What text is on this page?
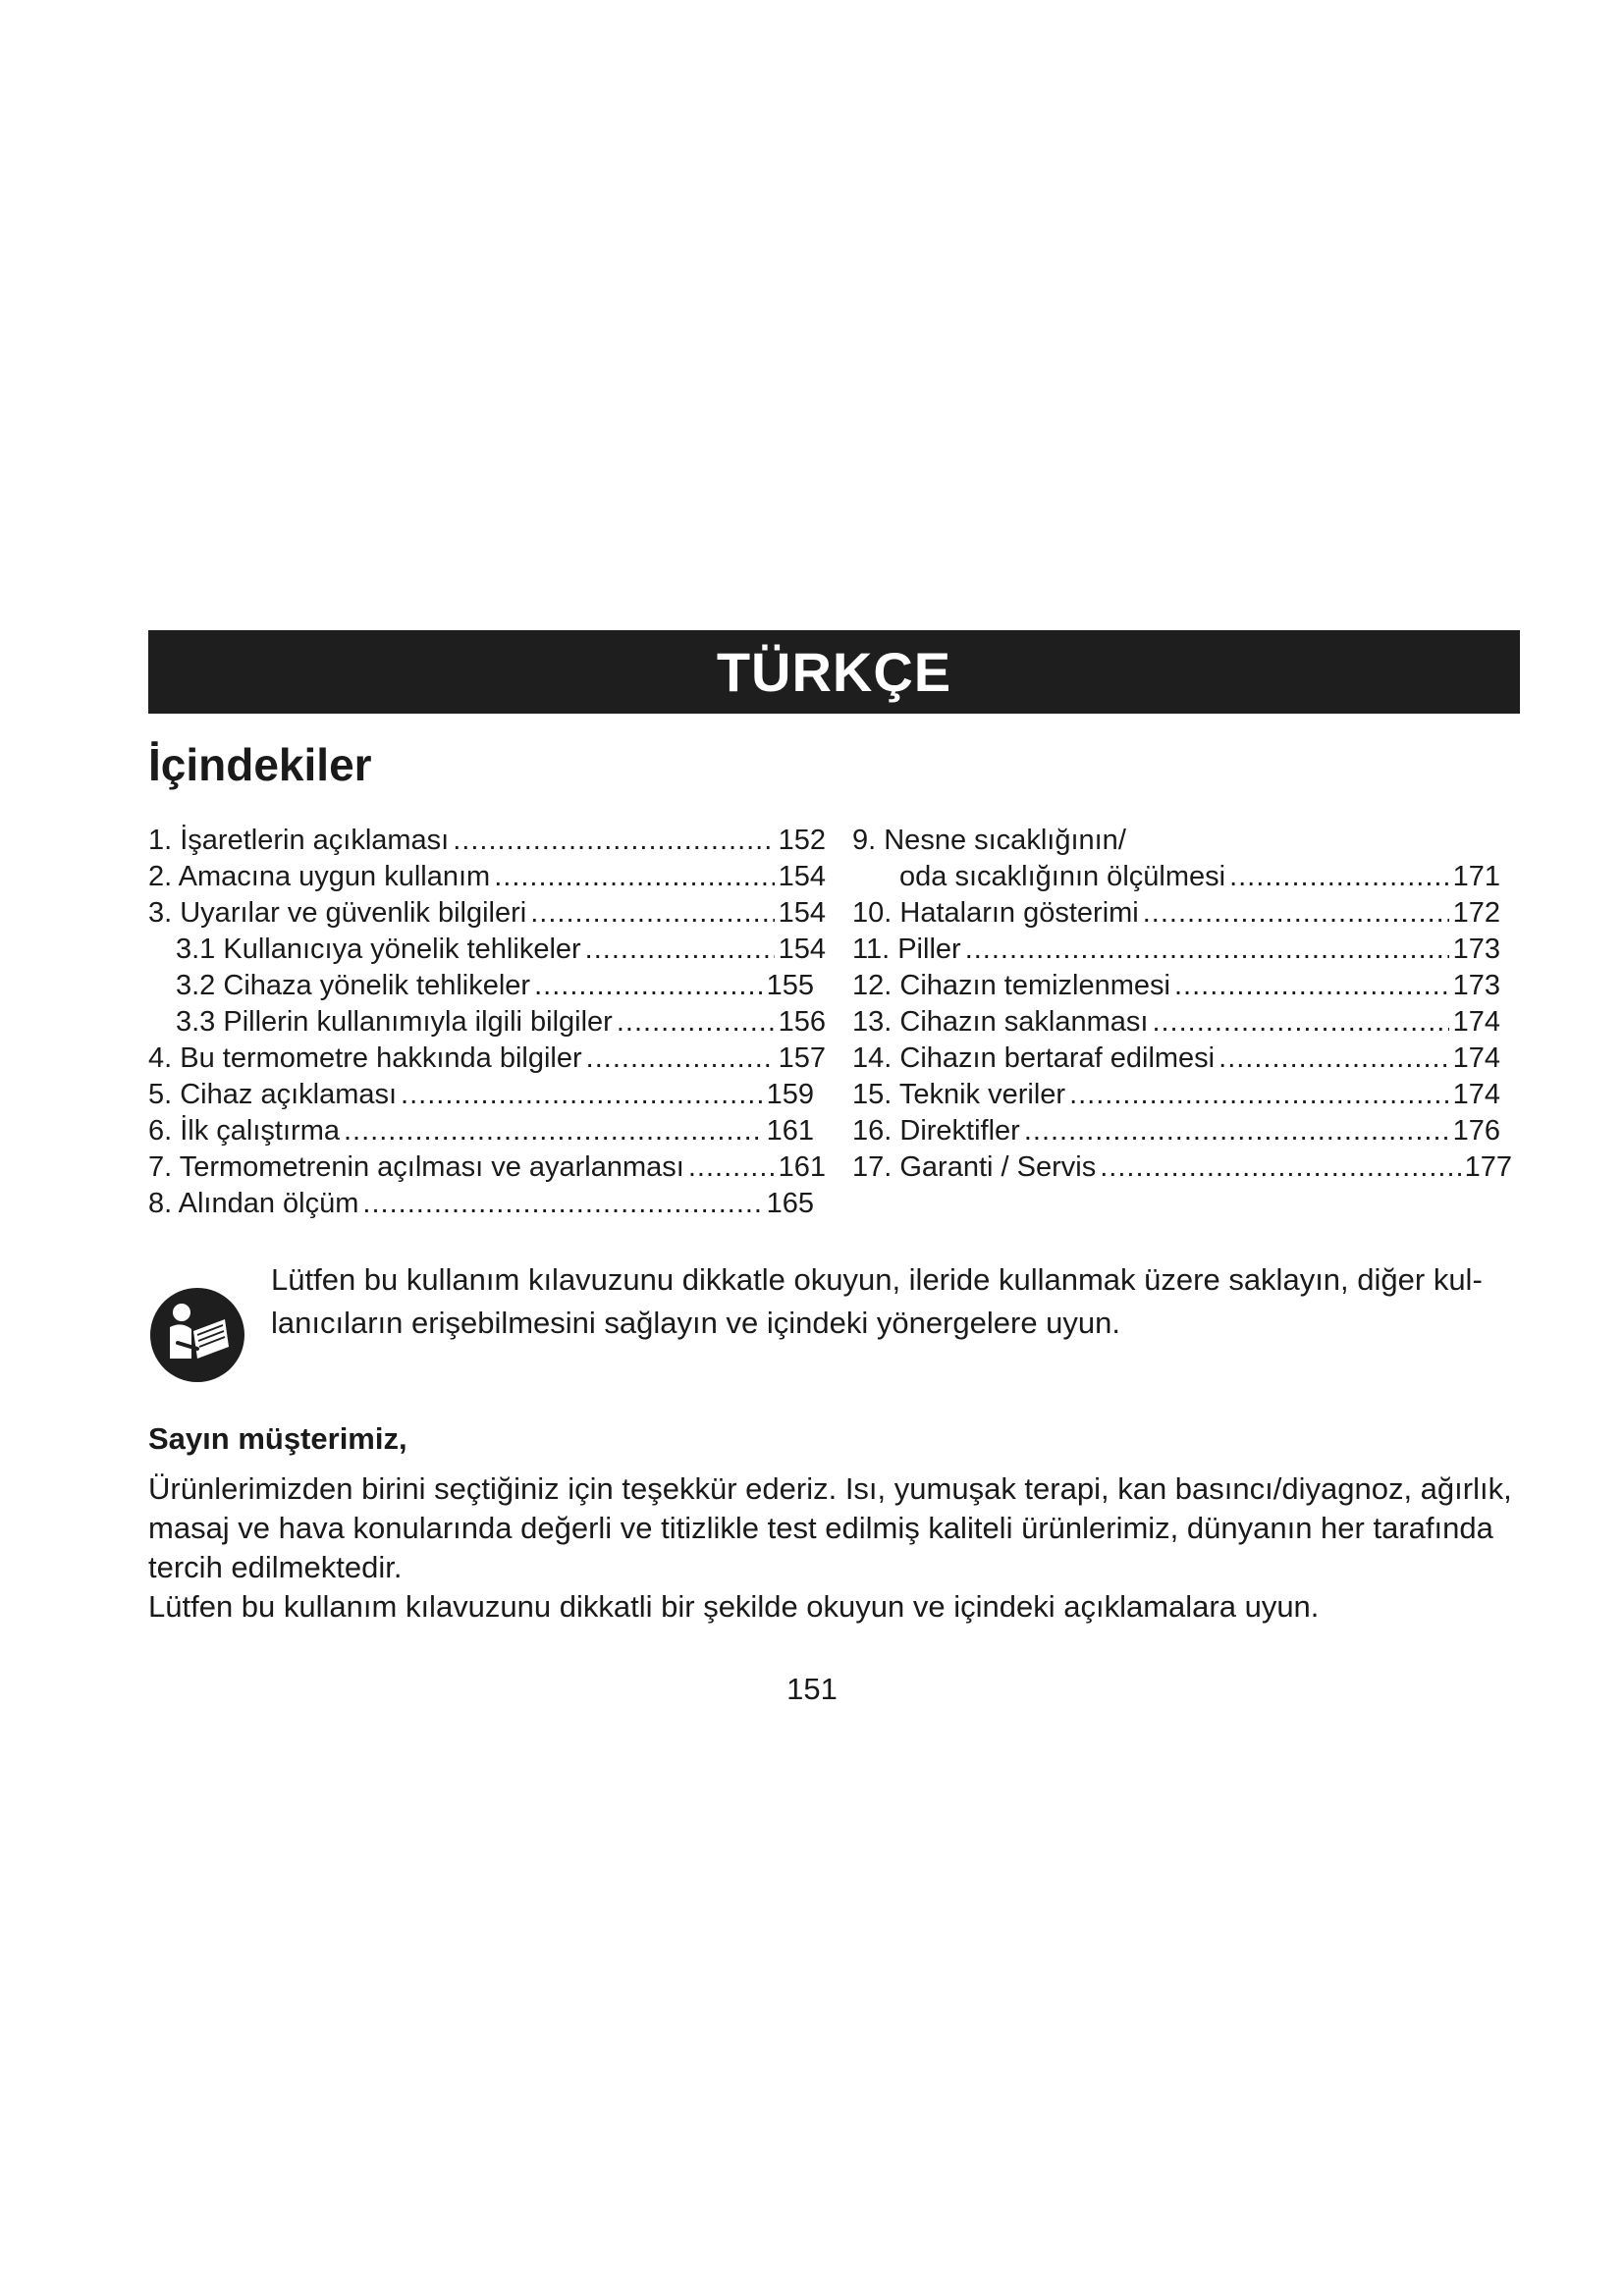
TÜRKÇE
İçindekiler
1. İşaretlerin açıklaması .....	152
2. Amacına uygun kullanım .....	154
3. Uyarılar ve güvenlik bilgileri .....	154
3.1 Kullanıcıya yönelik tehlikeler .....	154
3.2 Cihaza yönelik tehlikeler .....	155
3.3 Pillerin kullanımıyla ilgili bilgiler .....	156
4. Bu termometre hakkında bilgiler .....	157
5. Cihaz açıklaması .....	159
6. İlk çalıştırma .....	161
7. Termometrenin açılması ve ayarlanması .....	161
8. Alından ölçüm .....	165
9. Nesne sıcaklığının/
oda sıcaklığının ölçülmesi .....	171
10. Hataların gösterimi .....	172
11. Piller .....	173
12. Cihazın temizlenmesi .....	173
13. Cihazın saklanması .....	174
14. Cihazın bertaraf edilmesi .....	174
15. Teknik veriler .....	174
16. Direktifler .....	176
17. Garanti / Servis .....	177
Lütfen bu kullanım kılavuzunu dikkatle okuyun, ileride kullanmak üzere saklayın, diğer kullanıcıların erişebilmesini sağlayın ve içindeki yönergelere uyun.
Sayın müşterimiz,

Ürünlerimizden birini seçtiğiniz için teşekkür ederiz. Isı, yumuşak terapi, kan basıncı/diyagnoz, ağırlık, masaj ve hava konularında değerli ve titizlikle test edilmiş kaliteli ürünlerimiz, dünyanın her tarafında tercih edilmektedir.

Lütfen bu kullanım kılavuzunu dikkatli bir şekilde okuyun ve içindeki açıklamalara uyun.

151
